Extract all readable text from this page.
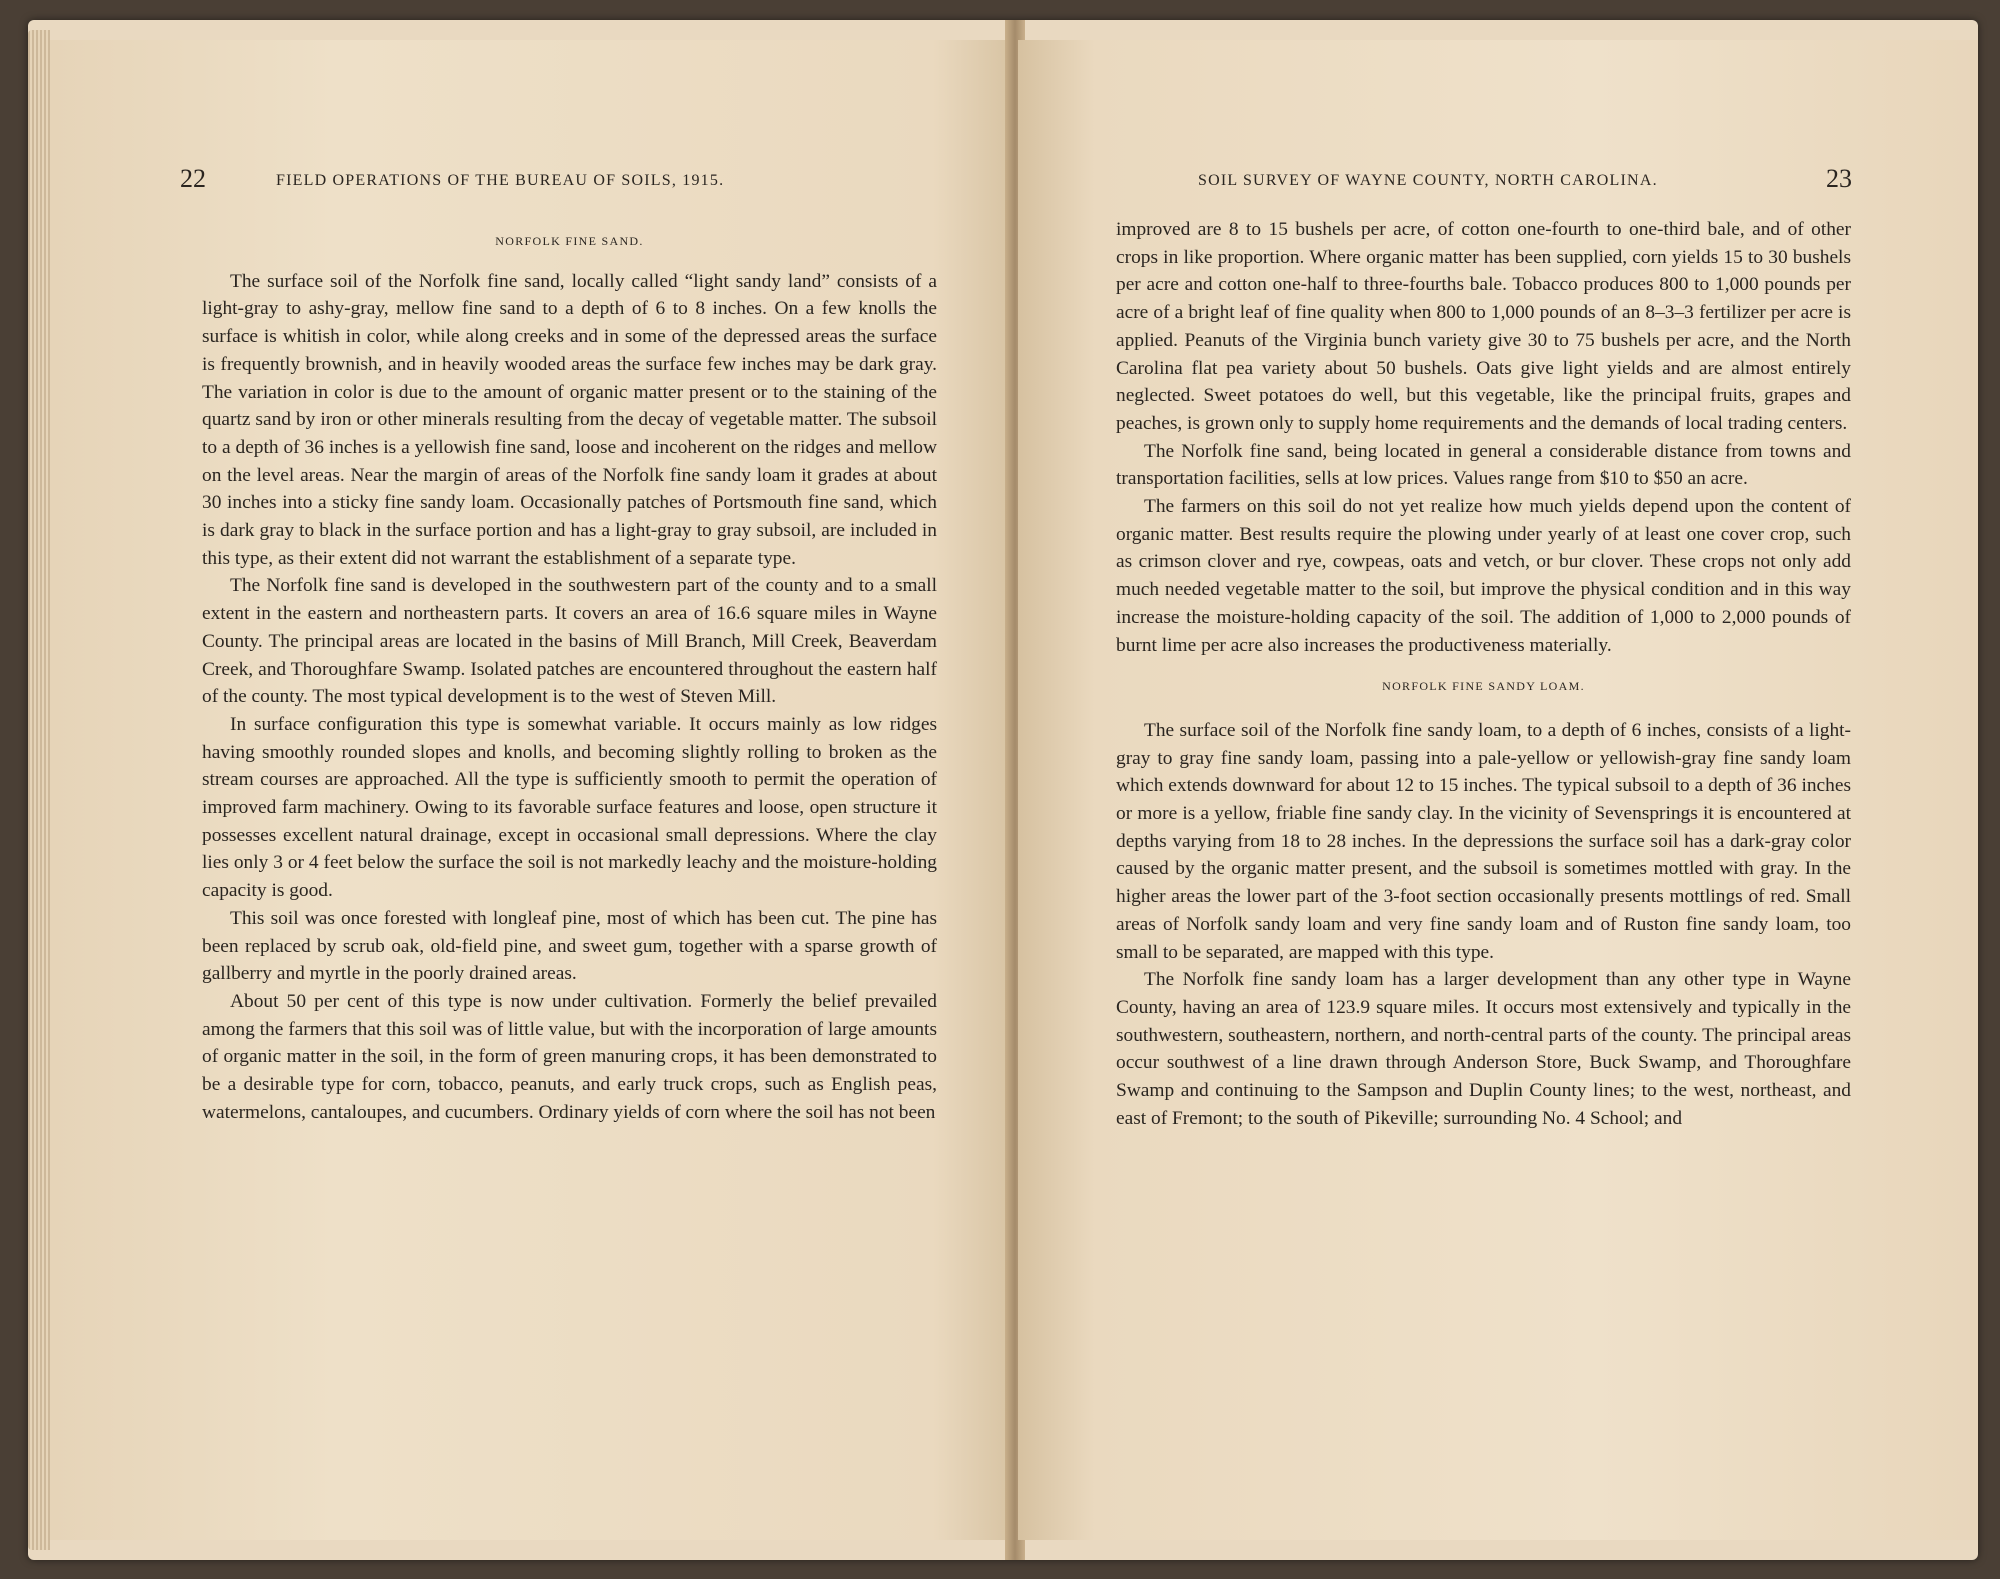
22	FIELD OPERATIONS OF THE BUREAU OF SOILS, 1915.
NORFOLK FINE SAND.

The surface soil of the Norfolk fine sand, locally called “light sandy land” consists of a light-gray to ashy-gray, mellow fine sand to a depth of 6 to 8 inches. On a few knolls the surface is whitish in color, while along creeks and in some of the depressed areas the surface is frequently brownish, and in heavily wooded areas the surface few inches may be dark gray. The variation in color is due to the amount of organic matter present or to the staining of the quartz sand by iron or other minerals resulting from the decay of vegetable matter. The subsoil to a depth of 36 inches is a yellowish fine sand, loose and incoherent on the ridges and mellow on the level areas. Near the margin of areas of the Norfolk fine sandy loam it grades at about 30 inches into a sticky fine sandy loam. Occasionally patches of Portsmouth fine sand, which is dark gray to black in the surface portion and has a light-gray to gray subsoil, are included in this type, as their extent did not warrant the establishment of a separate type.

The Norfolk fine sand is developed in the southwestern part of the county and to a small extent in the eastern and northeastern parts. It covers an area of 16.6 square miles in Wayne County. The principal areas are located in the basins of Mill Branch, Mill Creek, Beaverdam Creek, and Thoroughfare Swamp. Isolated patches are encountered throughout the eastern half of the county. The most typical development is to the west of Steven Mill.

In surface configuration this type is somewhat variable. It occurs mainly as low ridges having smoothly rounded slopes and knolls, and becoming slightly rolling to broken as the stream courses are approached. All the type is sufficiently smooth to permit the operation of improved farm machinery. Owing to its favorable surface features and loose, open structure it possesses excellent natural drainage, except in occasional small depressions. Where the clay lies only 3 or 4 feet below the surface the soil is not markedly leachy and the moisture-holding capacity is good.

This soil was once forested with longleaf pine, most of which has been cut. The pine has been replaced by scrub oak, old-field pine, and sweet gum, together with a sparse growth of gallberry and myrtle in the poorly drained areas.

About 50 per cent of this type is now under cultivation. Formerly the belief prevailed among the farmers that this soil was of little value, but with the incorporation of large amounts of organic matter in the soil, in the form of green manuring crops, it has been demonstrated to be a desirable type for corn, tobacco, peanuts, and early truck crops, such as English peas, watermelons, cantaloupes, and cucumbers. Ordinary yields of corn where the soil has not been

SOIL SURVEY OF WAYNE COUNTY, NORTH CAROLINA.	23

improved are 8 to 15 bushels per acre, of cotton one-fourth to one-third bale, and of other crops in like proportion. Where organic matter has been supplied, corn yields 15 to 30 bushels per acre and cotton one-half to three-fourths bale. Tobacco produces 800 to 1,000 pounds per acre of a bright leaf of fine quality when 800 to 1,000 pounds of an 8–3–3 fertilizer per acre is applied. Peanuts of the Virginia bunch variety give 30 to 75 bushels per acre, and the North Carolina flat pea variety about 50 bushels. Oats give light yields and are almost entirely neglected. Sweet potatoes do well, but this vegetable, like the principal fruits, grapes and peaches, is grown only to supply home requirements and the demands of local trading centers.

The Norfolk fine sand, being located in general a considerable distance from towns and transportation facilities, sells at low prices. Values range from $10 to $50 an acre.

The farmers on this soil do not yet realize how much yields depend upon the content of organic matter. Best results require the plowing under yearly of at least one cover crop, such as crimson clover and rye, cowpeas, oats and vetch, or bur clover. These crops not only add much needed vegetable matter to the soil, but improve the physical condition and in this way increase the moisture-holding capacity of the soil. The addition of 1,000 to 2,000 pounds of burnt lime per acre also increases the productiveness materially.

NORFOLK FINE SANDY LOAM.

The surface soil of the Norfolk fine sandy loam, to a depth of 6 inches, consists of a light-gray to gray fine sandy loam, passing into a pale-yellow or yellowish-gray fine sandy loam which extends downward for about 12 to 15 inches. The typical subsoil to a depth of 36 inches or more is a yellow, friable fine sandy clay. In the vicinity of Sevensprings it is encountered at depths varying from 18 to 28 inches. In the depressions the surface soil has a dark-gray color caused by the organic matter present, and the subsoil is sometimes mottled with gray. In the higher areas the lower part of the 3-foot section occasionally presents mottlings of red. Small areas of Norfolk sandy loam and very fine sandy loam and of Ruston fine sandy loam, too small to be separated, are mapped with this type.

The Norfolk fine sandy loam has a larger development than any other type in Wayne County, having an area of 123.9 square miles. It occurs most extensively and typically in the southwestern, southeastern, northern, and north-central parts of the county. The principal areas occur southwest of a line drawn through Anderson Store, Buck Swamp, and Thoroughfare Swamp and continuing to the Sampson and Duplin County lines; to the west, northeast, and east of Fremont; to the south of Pikeville; surrounding No. 4 School; and
